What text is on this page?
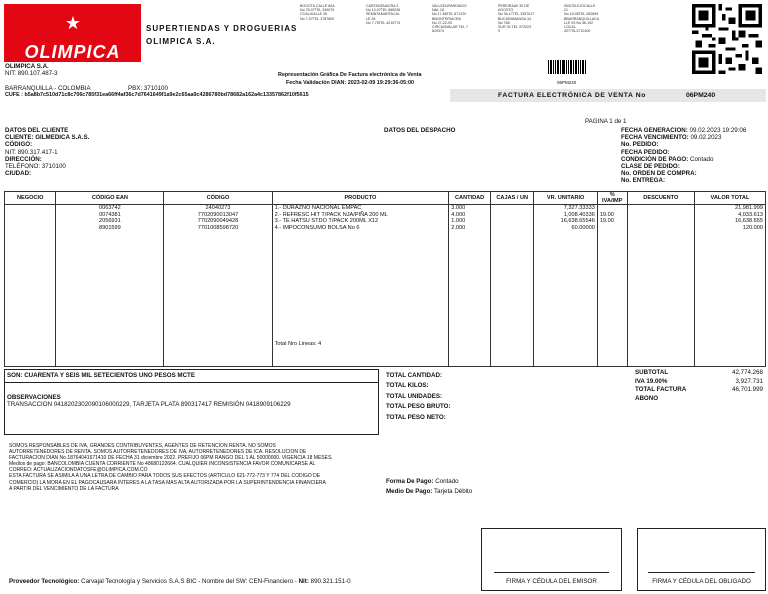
★
OLIMPICA
SUPERTIENDAS Y DROGUERIAS
OLIMPICA S.A.
BOGOTA CALLE 80A
No 78-07TEL 349070
CCALICALLE 39
No 7-07TEL 3787800
CARTAGENACRA 2
No 12-07TEL 665036
SEMNTAMARTACAL
LE 28
No 7-75TEL 4215774
VALLEDUPARDIAGO
NAL 18
No 17-68TEL 871220
BMONTERIACRA
No 27-22-93
CIRCUNVALAR TEL 7
819374
PEREIRAAV 30 DE
AGOSTO
No 36-17TEL 3357017
BUCARAMANGA 34
No 768
SUR 34 TEL 372023
9
SINCELEJOCALLE
21
No 19-05TEL 282899
BBARRANQUILLACA
LLE 93 No 46-192
LOCAL
3077SL3710100
OLIMPICA S.A.
NIT: 890.107.487-3
BARRANQUILLA - COLOMBIA	PBX: 3710100
CUFE : b5a8b7c510d71c8c706c785f31ea66ff4af36c7d7641649f1a9e2c65aa9c4286780bd78682a162a4c13357862f10f5615
Representación Gráfica De Factura electrónica de Venta
Fecha Validación DIAN: 2023-02-09 19:29:36-05:00	06PM240
FACTURA ELECTRÓNICA DE VENTA No	06PM240
PAGINA 1 de 1
DATOS DEL CLIENTE
CLIENTE: GILMEDICA S.A.S.
CÓDIGO:
NIT: 890.317.417-1
DIRECCIÓN:
TELÉFONO: 3710100
CIUDAD:
DATOS DEL DESPACHO	FECHA GENERACION: 09.02.2023 19:29:06
FECHA VENCIMIENTO: 09.02.2023
No. PEDIDO:
FECHA PEDIDO:
CONDICIÓN DE PAGO: Contado
CLASE DE PEDIDO:
No. ORDEN DE COMPRA:
No. ENTREGA:
NEGOCIO	CÓDIGO EAN	CÓDIGO	PRODUCTO	CANTIDAD	CAJAS / UN	VR. UNITARIO	% IVA/IMP	DESCUENTO	VALOR TOTAL
	0063742	24040273	1.- DURAZNO NACIONAL EMPAC	3.000		7,327.33333			21,981.999
	0074381	7702090013047	2.- REFRESC HIT T/PACK NJA/PIÑA 200 ML	4.000		1,008.40336	19.00		4,033.613
	2056931	7702090049428	3.- TE HATSU STDO T/PACK 200ML X12	1.000		16,638.65546	19.00		16,638.655
	8901599	7701008598720	4.- IMPOCONSUMO BOLSA No 6	2.000		60.00000			120.000
			Total Nro Lineas: 4						
SON: CUARENTA Y SEIS MIL SETECIENTOS UNO PESOS MCTE
OBSERVACIONES
TRANSACCION 0418202302090106000229, TARJETA PLATA 890317417 REMISIÓN 0418909106229
TOTAL CANTIDAD:
TOTAL KILOS:
TOTAL UNIDADES:
TOTAL PESO BRUTO:
TOTAL PESO NETO:
SUBTOTAL	42,774.268
IVA 19.00%	3,927.731
TOTAL FACTURA	46,701.999
ABONO
SOMOS RESPONSABLES DE IVA, GRANDES CONTRIBUYENTES, AGENTES DE RETENCION RENTA. NO SOMOS
AUTORRETENEDORES DE RENTA. SOMOS AUTORRETENEDORES DE IVA, AUTORRETENEDORES DE ICA. RESOLUCION DE
FACTURACION DIAN No.18764041671410 DE FECHA 31 diciembre 2022. PREFIJO 06PM RANGO DEL 1 AL 50000000. VIGENCIA 18 MESES.
Medios de pago: BANCOLOMBIA CUENTA CORRIENTE No 48680122664. CUALQUIER INCONSISTENCIA FAVOR COMUNICARSE AL
CORREO: ACTUALIZACIONDATOSFE@OLIMPICA.COM.CO
ESTA FACTURA SE ASIMILA A UNA LETRA DE CAMBIO PARA TODOS SUS EFECTOS (ARTICULO 621-772-773 Y 774 DEL CODIGO DE
COMERCIO) LA MORA EN EL PAGOCAUSARA INTERES A LA TASA MAS ALTA AUTORIZADA POR LA SUPERINTENDENCIA FINANCIERA
A PARTIR DEL VENCIMIENTO DE LA FACTURA
Forma De Pago: Contado
Medio De Pago: Tarjeta Débito
FIRMA Y CÉDULA DEL EMISOR	FIRMA Y CÉDULA DEL OBLIGADO
Proveedor Tecnológico: Carvajal Tecnología y Servicios S.A.S BIC - Nombre del SW: CEN-Financiero - Nit: 890.321.151-0
